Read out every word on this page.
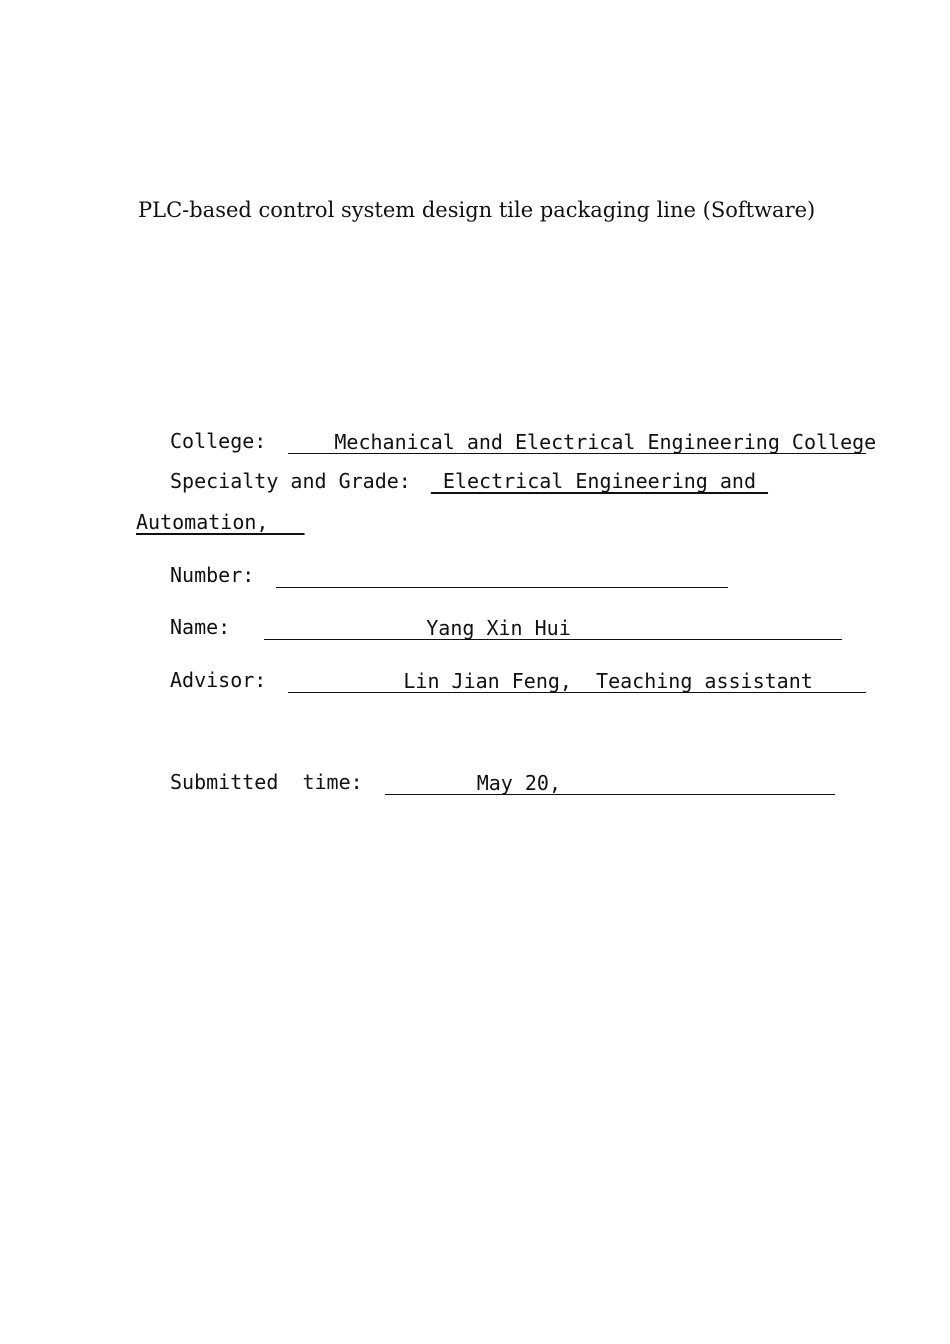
PLC-based control system design tile packaging line (Software)
College:	Mechanical and Electrical Engineering College
Specialty and Grade:  Electrical Engineering and
Automation,
Number:
Name:	Yang Xin Hui
Advisor:	Lin Jian Feng,  Teaching assistant
Submitted  time:	May 20,
